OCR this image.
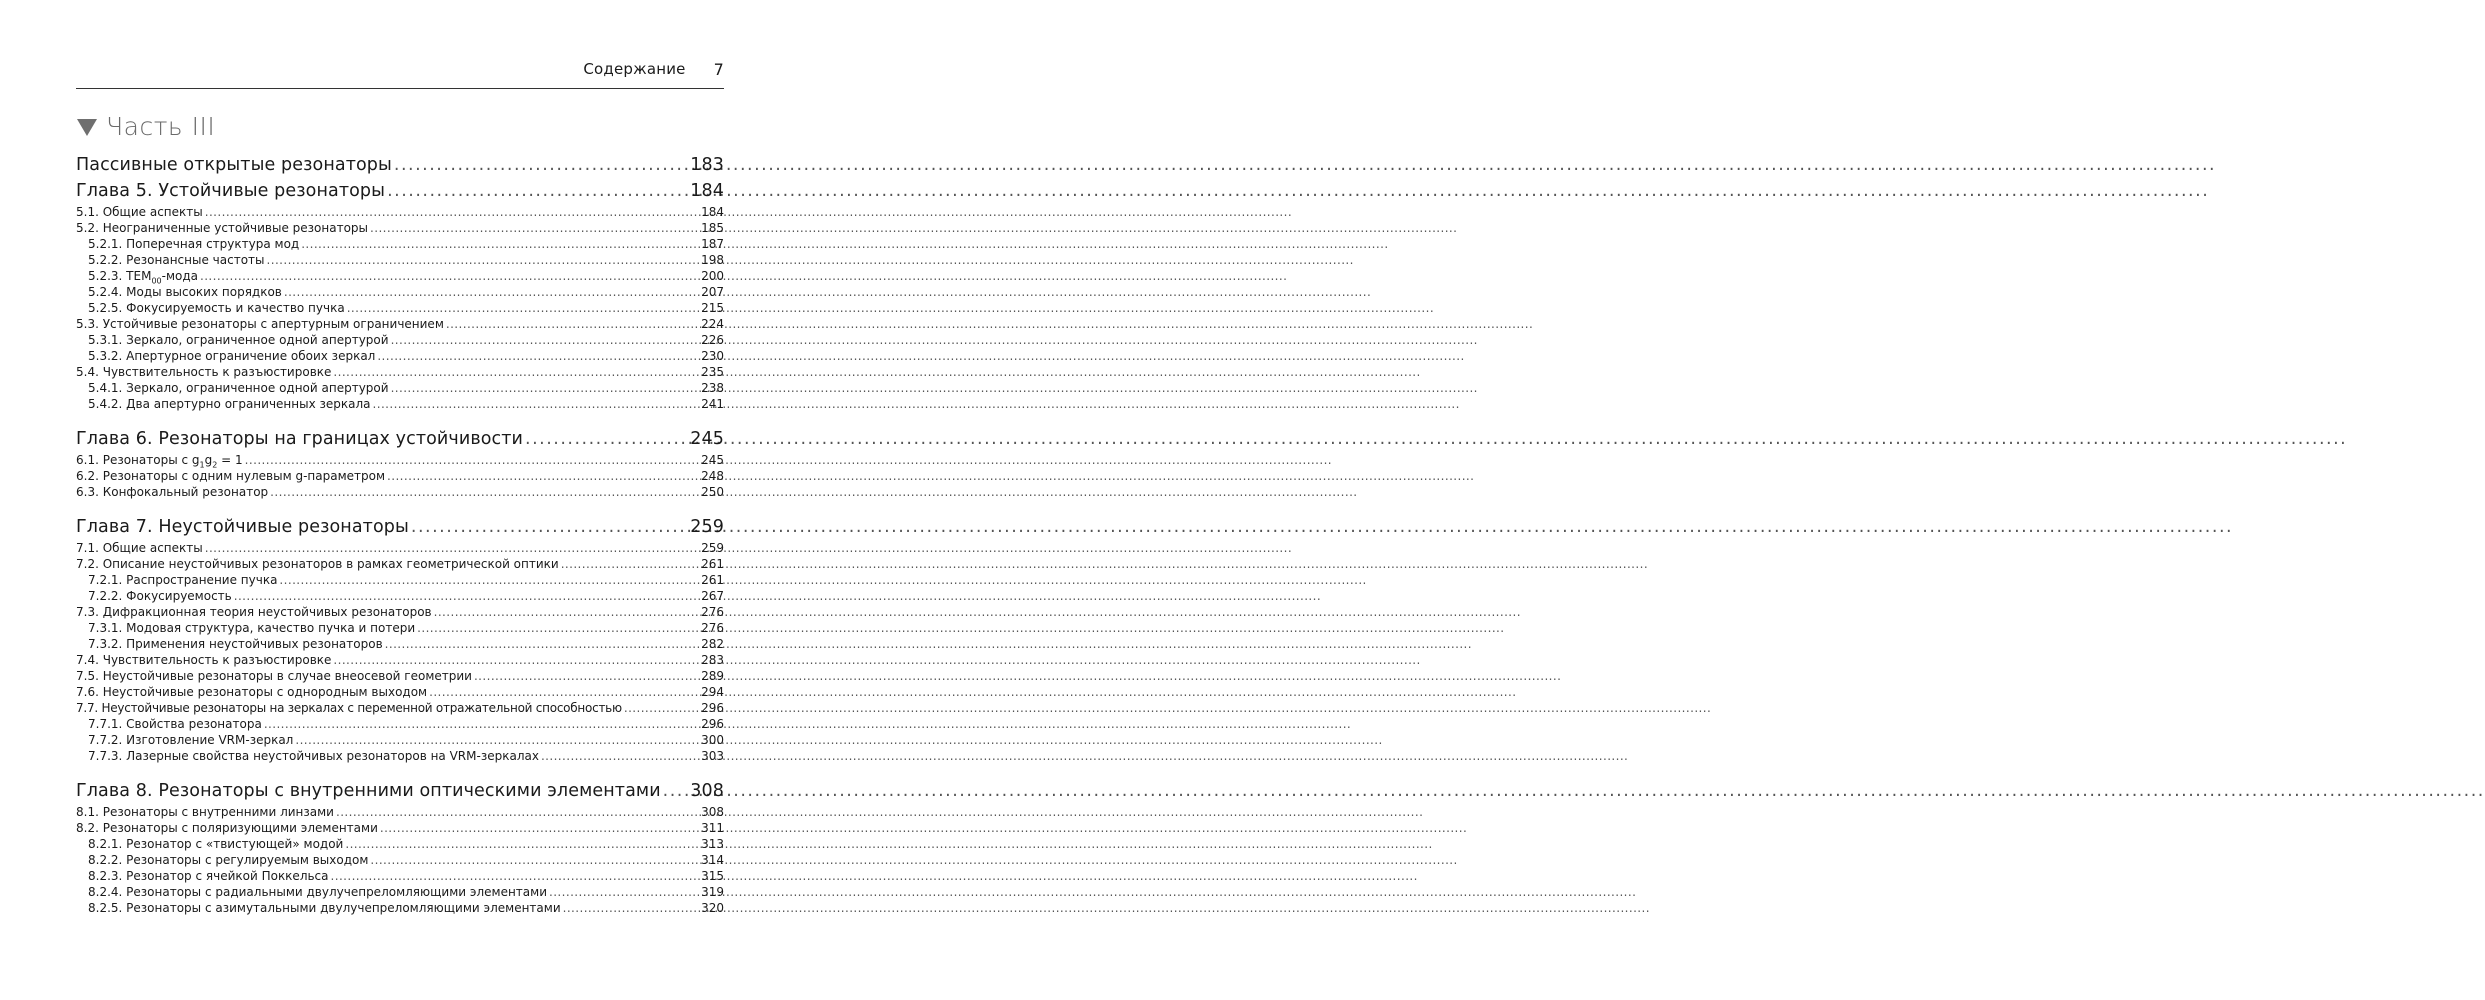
Содержание 7
Часть III
Пассивные открытые резонаторы .....	183
Глава 5. Устойчивые резонаторы .....	184
5.1. Общие аспекты .....	184
5.2. Неограниченные устойчивые резонаторы .....	185
5.2.1. Поперечная структура мод .....	187
5.2.2. Резонансные частоты .....	198
5.2.3. $TEM_{00}$-мода .....	200
5.2.4. Моды высоких порядков .....	207
5.2.5. Фокусируемость и качество пучка .....	215
5.3. Устойчивые резонаторы с апертурным ограничением .....	224
5.3.1. Зеркало, ограниченное одной апертурой .....	226
5.3.2. Апертурное ограничение обоих зеркал .....	230
5.4. Чувствительность к разъюстировке .....	235
5.4.1. Зеркало, ограниченное одной апертурой .....	238
5.4.2. Два апертурно ограниченных зеркала .....	241
Глава 6. Резонаторы на границах устойчивости .....	245
6.1. Резонаторы с $g_1g_2 = 1$ .....	245
6.2. Резонаторы с одним нулевым g-параметром .....	248
6.3. Конфокальный резонатор .....	250
Глава 7. Неустойчивые резонаторы .....	259
7.1. Общие аспекты .....	259
7.2. Описание неустойчивых резонаторов в рамках геометрической оптики .....	261
7.2.1. Распространение пучка .....	261
7.2.2. Фокусируемость .....	267
7.3. Дифракционная теория неустойчивых резонаторов .....	276
7.3.1. Модовая структура, качество пучка и потери .....	276
7.3.2. Применения неустойчивых резонаторов .....	282
7.4. Чувствительность к разъюстировке .....	283
7.5. Неустойчивые резонаторы в случае внеосевой геометрии .....	289
7.6. Неустойчивые резонаторы с однородным выходом .....	294
7.7. Неустойчивые резонаторы на зеркалах с переменной отражательной способностью .....	296
7.7.1. Свойства резонатора .....	296
7.7.2. Изготовление VRM-зеркал .....	300
7.7.3. Лазерные свойства неустойчивых резонаторов на VRM-зеркалах .....	303
Глава 8. Резонаторы с внутренними оптическими элементами ..... 308
8.1. Резонаторы с внутренними линзами .....	308
8.2. Резонаторы с поляризующими элементами .....	311
8.2.1. Резонатор с «твистующей» модой .....	313
8.2.2. Резонаторы с регулируемым выходом .....	314
8.2.3. Резонатор с ячейкой Поккельса .....	315
8.2.4. Резонаторы с радиальными двулучепреломляющими элементами .....	319
8.2.5. Резонаторы с азимутальными двулучепреломляющими элементами .....	320
